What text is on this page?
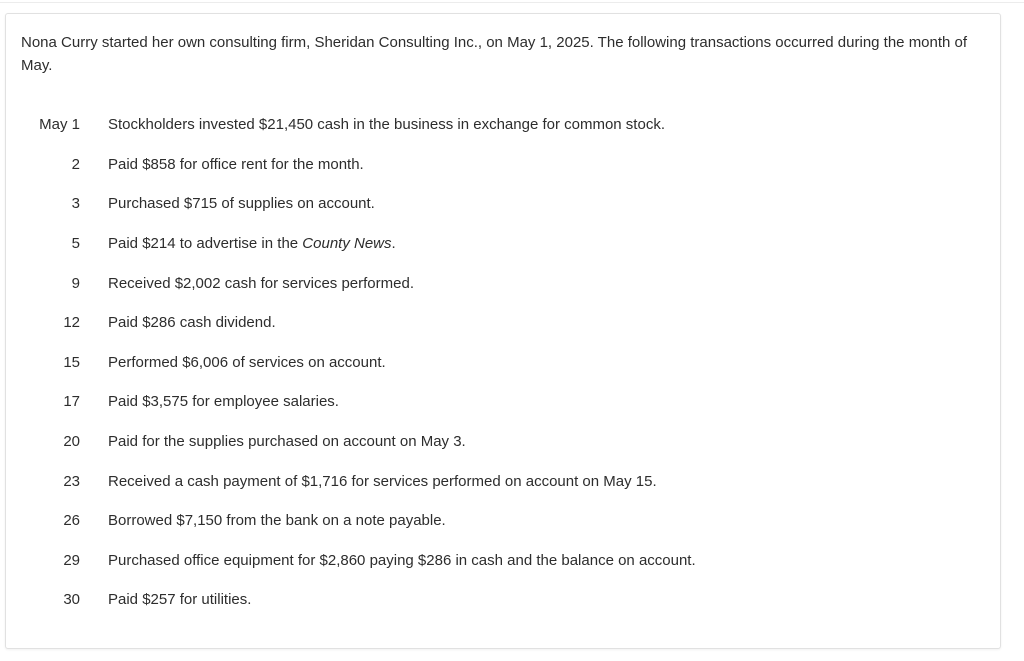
Nona Curry started her own consulting firm, Sheridan Consulting Inc., on May 1, 2025. The following transactions occurred during the month of May.

May 1		Stockholders invested $21,450 cash in the business in exchange for common stock.
2		Paid $858 for office rent for the month.
3		Purchased $715 of supplies on account.
5		Paid $214 to advertise in the County News.
9		Received $2,002 cash for services performed.
12		Paid $286 cash dividend.
15		Performed $6,006 of services on account.
17		Paid $3,575 for employee salaries.
20		Paid for the supplies purchased on account on May 3.
23		Received a cash payment of $1,716 for services performed on account on May 15.
26		Borrowed $7,150 from the bank on a note payable.
29		Purchased office equipment for $2,860 paying $286 in cash and the balance on account.
30		Paid $257 for utilities.
